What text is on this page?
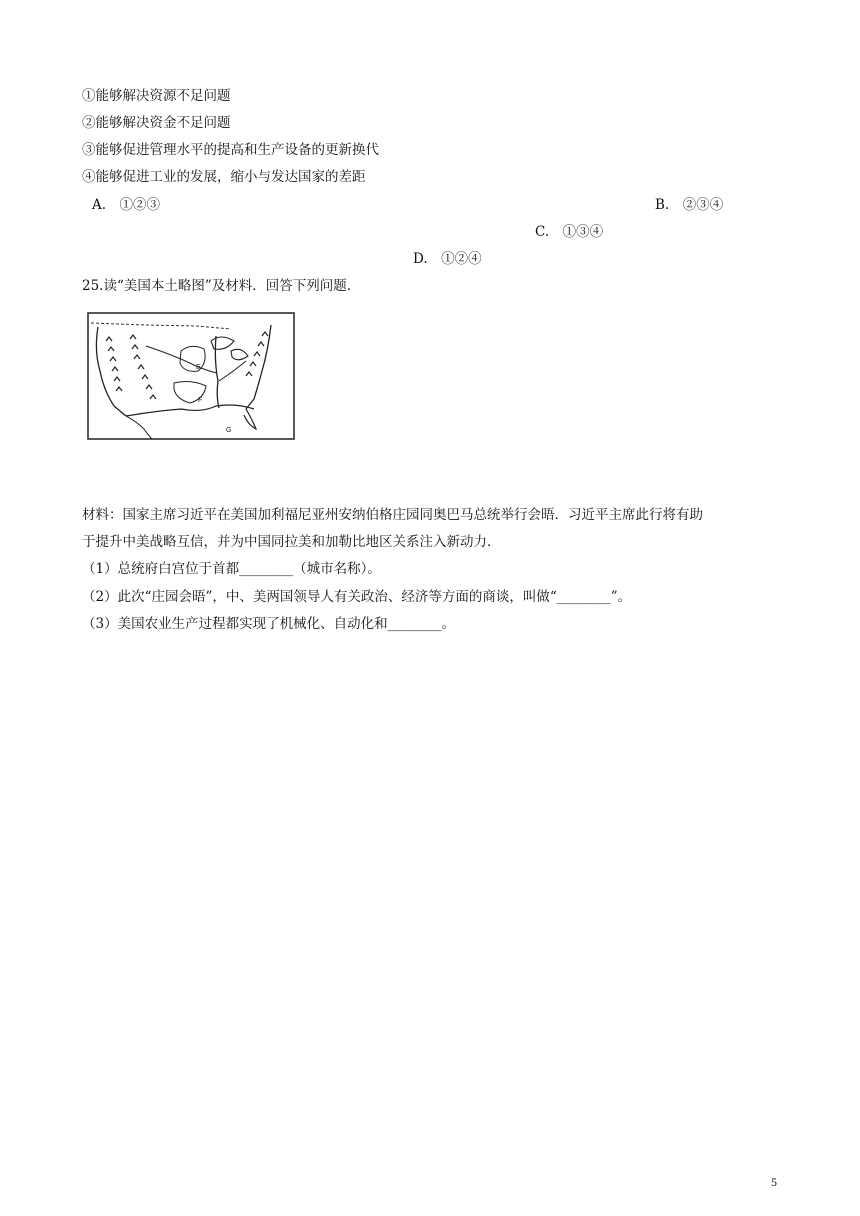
①能够解决资源不足问题
②能够解决资金不足问题
③能够促进管理水平的提高和生产设备的更新换代
④能够促进工业的发展，缩小与发达国家的差距
A.　①②③	B.　②③④
C.　①③④
D.　①②④
25.读“美国本土略图”及材料．回答下列问题．
E
F
G
材料：国家主席习近平在美国加利福尼亚州安纳伯格庄园同奥巴马总统举行会晤．习近平主席此行将有助
于提升中美战略互信，并为中国同拉美和加勒比地区关系注入新动力．
（1）总统府白宫位于首都________（城市名称）。
（2）此次“庄园会晤”，中、美两国领导人有关政治、经济等方面的商谈，叫做“________”。
（3）美国农业生产过程都实现了机械化、自动化和________。
5
